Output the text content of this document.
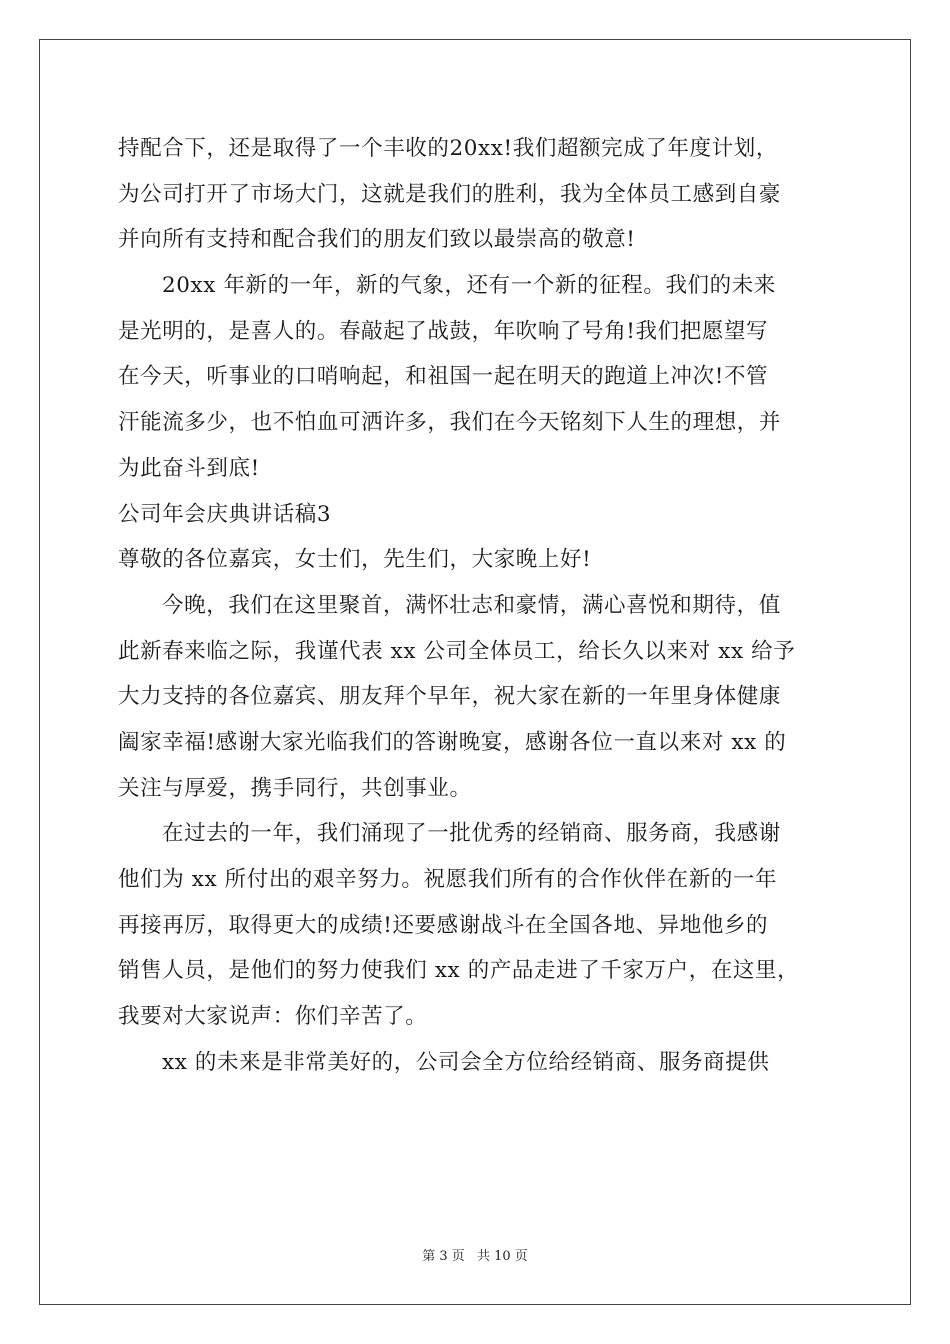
持配合下，还是取得了一个丰收的20xx!我们超额完成了年度计划，
为公司打开了市场大门，这就是我们的胜利，我为全体员工感到自豪
并向所有支持和配合我们的朋友们致以最崇高的敬意!
20xx 年新的一年，新的气象，还有一个新的征程。我们的未来
是光明的，是喜人的。春敲起了战鼓，年吹响了号角!我们把愿望写
在今天，听事业的口哨响起，和祖国一起在明天的跑道上冲次!不管
汗能流多少，也不怕血可洒许多，我们在今天铭刻下人生的理想，并
为此奋斗到底!
公司年会庆典讲话稿3
尊敬的各位嘉宾，女士们，先生们，大家晚上好!
今晚，我们在这里聚首，满怀壮志和豪情，满心喜悦和期待，值
此新春来临之际，我谨代表 xx 公司全体员工，给长久以来对 xx 给予
大力支持的各位嘉宾、朋友拜个早年，祝大家在新的一年里身体健康
阖家幸福!感谢大家光临我们的答谢晚宴，感谢各位一直以来对 xx 的
关注与厚爱，携手同行，共创事业。
在过去的一年，我们涌现了一批优秀的经销商、服务商，我感谢
他们为 xx 所付出的艰辛努力。祝愿我们所有的合作伙伴在新的一年
再接再厉，取得更大的成绩!还要感谢战斗在全国各地、异地他乡的
销售人员，是他们的努力使我们 xx 的产品走进了千家万户，在这里，
我要对大家说声：你们辛苦了。
xx 的未来是非常美好的，公司会全方位给经销商、服务商提供
第 3 页 共 10 页
